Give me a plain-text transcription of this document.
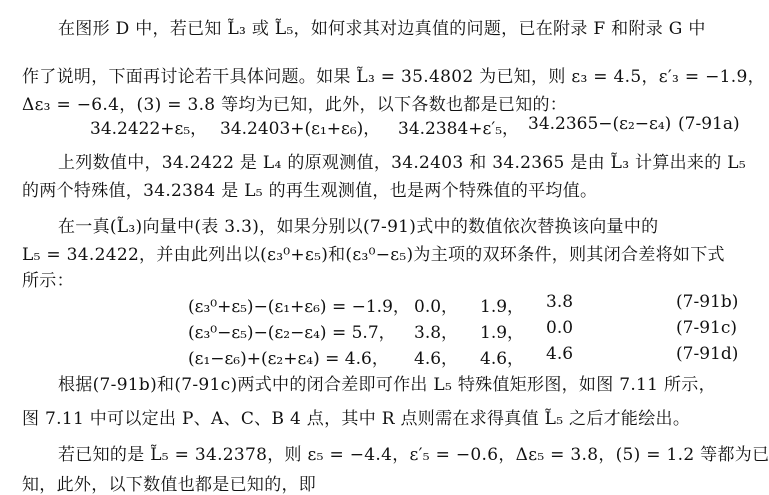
在图形 D 中，若已知 L̃₃ 或 L̃₅，如何求其对边真值的问题，已在附录 F 和附录 G 中
作了说明，下面再讨论若干具体问题。如果 L̃₃ = 35.4802 为已知，则 ε₃ = 4.5，ε′₃ = −1.9，
Δε₃ = −6.4，(3) = 3.8 等均为已知，此外，以下各数也都是已知的：
34.2422+ε₅， 34.2403+(ε₁+ε₆)， 34.2384+ε′₅， 34.2365−(ε₂−ε₄) (7-91a)
上列数值中，34.2422 是 L₄ 的原观测值，34.2403 和 34.2365 是由 L̃₃ 计算出来的 L₅
的两个特殊值，34.2384 是 L₅ 的再生观测值，也是两个特殊值的平均值。
在一真(L̃₃)向量中(表 3.3)，如果分别以(7-91)式中的数值依次替换该向量中的
L₅ = 34.2422，并由此列出以(ε₃⁰+ε₅)和(ε₃⁰−ε₅)为主项的双环条件，则其闭合差将如下式
所示：
(ε₃⁰+ε₅)−(ε₁+ε₆) = −1.9， 0.0， 1.9， 3.8	(7-91b)
(ε₃⁰−ε₅)−(ε₂−ε₄) = 5.7， 3.8， 1.9， 0.0	(7-91c)
(ε₁−ε₆)+(ε₂+ε₄) = 4.6， 4.6， 4.6， 4.6	(7-91d)
根据(7-91b)和(7-91c)两式中的闭合差即可作出 L₅ 特殊值矩形图，如图 7.11 所示，
图 7.11 中可以定出 P、A、C、B 4 点，其中 R 点则需在求得真值 L̃₅ 之后才能绘出。
若已知的是 L̃₅ = 34.2378，则 ε₅ = −4.4，ε′₅ = −0.6，Δε₅ = 3.8，(5) = 1.2 等都为已
知，此外，以下数值也都是已知的，即
